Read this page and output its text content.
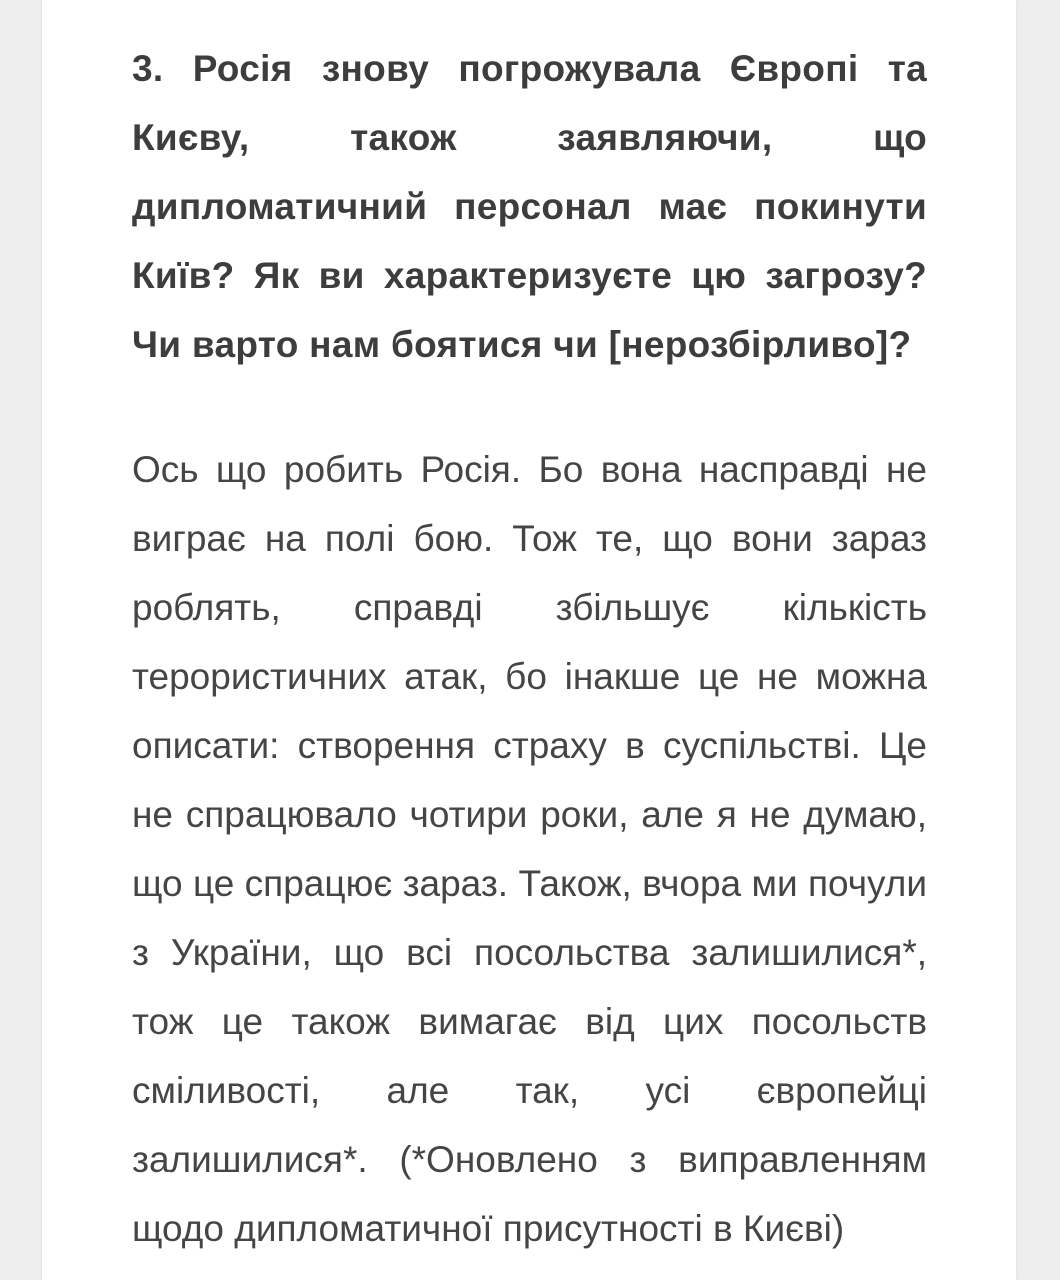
3. Росія знову погрожувала Європі та Києву, також заявляючи, що дипломатичний персонал має покинути Київ? Як ви характеризуєте цю загрозу? Чи варто нам боятися чи [нерозбірливо]?

Ось що робить Росія. Бо вона насправді не виграє на полі бою. Тож те, що вони зараз роблять, справді збільшує кількість терористичних атак, бо інакше це не можна описати: створення страху в суспільстві. Це не спрацювало чотири роки, але я не думаю, що це спрацює зараз. Також, вчора ми почули з України, що всі посольства залишилися*, тож це також вимагає від цих посольств сміливості, але так, усі європейці залишилися*. (*Оновлено з виправленням щодо дипломатичної присутності в Києві)
